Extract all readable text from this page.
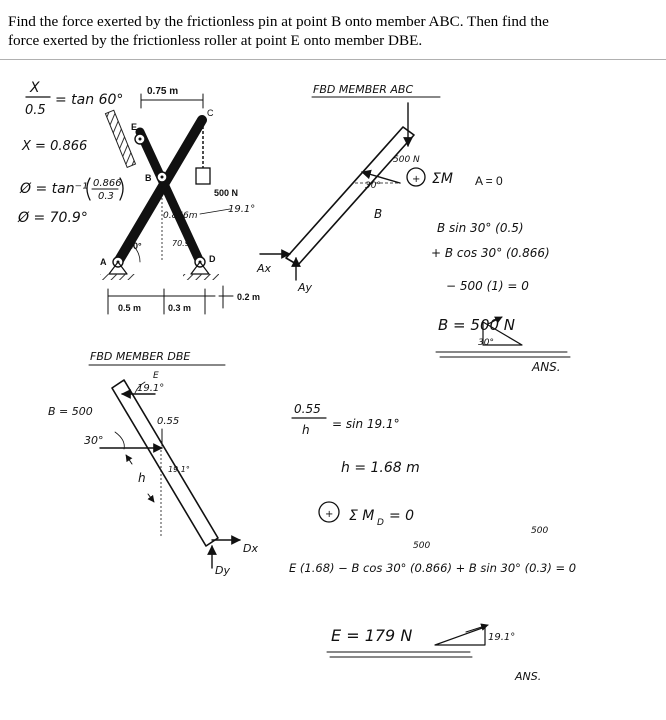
Find the force exerted by the frictionless pin at point B onto member ABC. Then find the
force exerted by the frictionless roller at point E onto member DBE.
X
0.5
= tan 60°
X = 0.866
Ø = tan⁻¹ 0.866
0.3
Ø = 70.9°
0.75 m
C
500 N
E
B
0.866m
19.1°
60°	70.9°
A	D
0.2 m
0.5 m	0.3 m
FBD MEMBER ABC
500 N
30°
B
Ax
Ay
+ ΣM A = 0
B sin 30° (0.5)
+ B cos 30° (0.866)
− 500 (1) = 0
B = 500 N
30°
ANS.
FBD MEMBER DBE
E
19.1°
B = 500
0.55
30°
19.1°
h
Dx
Dy
0.55
h = sin 19.1°
h = 1.68 m
+ Σ M D = 0
500
500
E (1.68) − B cos 30° (0.866) + B sin 30° (0.3) = 0
E = 179 N	19.1°
ANS.
